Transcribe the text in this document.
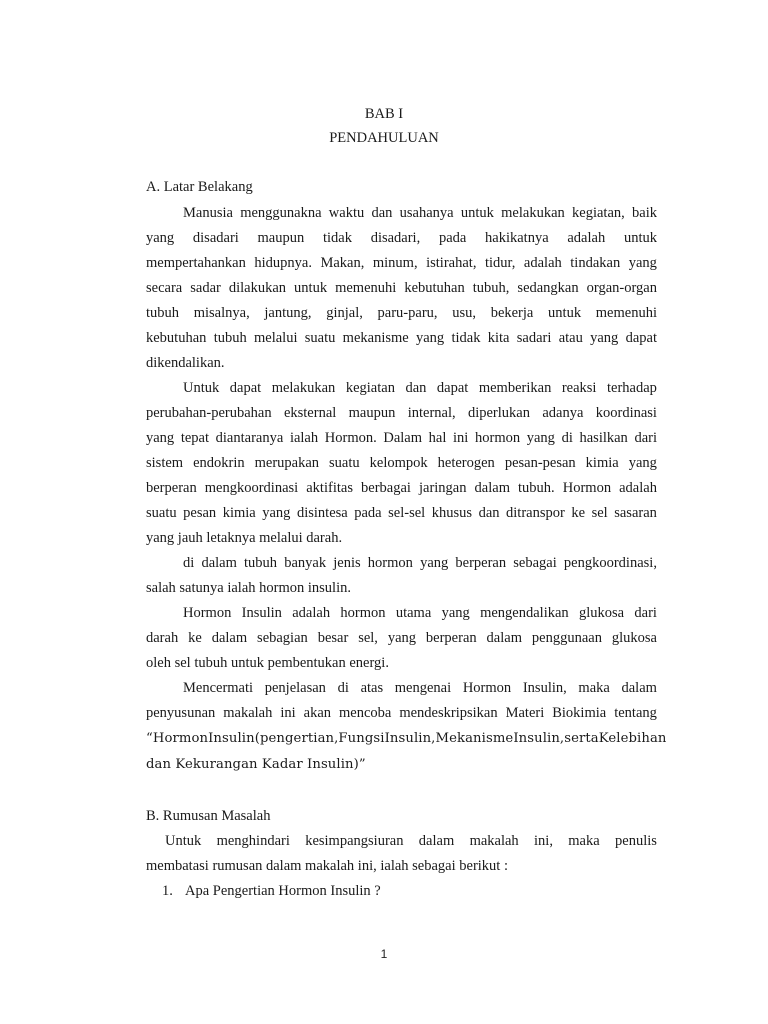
BAB I
PENDAHULUAN
A. Latar Belakang
Manusia menggunakna waktu dan usahanya untuk melakukan kegiatan, baik
yang disadari maupun tidak disadari, pada hakikatnya adalah untuk
mempertahankan hidupnya. Makan, minum, istirahat, tidur, adalah tindakan yang
secara sadar dilakukan untuk memenuhi kebutuhan tubuh, sedangkan organ-organ
tubuh misalnya, jantung, ginjal, paru-paru, usu, bekerja untuk memenuhi
kebutuhan tubuh melalui suatu mekanisme yang tidak kita sadari atau yang dapat
dikendalikan.
Untuk dapat melakukan kegiatan dan dapat memberikan reaksi terhadap
perubahan-perubahan eksternal maupun internal, diperlukan adanya koordinasi
yang tepat diantaranya ialah Hormon. Dalam hal ini hormon yang di hasilkan dari
sistem endokrin merupakan suatu kelompok heterogen pesan-pesan kimia yang
berperan mengkoordinasi aktifitas berbagai jaringan dalam tubuh. Hormon adalah
suatu pesan kimia yang disintesa pada sel-sel khusus dan ditranspor ke sel sasaran
yang jauh letaknya melalui darah.
di dalam tubuh banyak jenis hormon yang berperan sebagai pengkoordinasi,
salah satunya ialah hormon insulin.
Hormon Insulin adalah hormon utama yang mengendalikan glukosa dari
darah ke dalam sebagian besar sel, yang berperan dalam penggunaan glukosa
oleh sel tubuh untuk pembentukan energi.
Mencermati penjelasan di atas mengenai Hormon Insulin, maka dalam
penyusunan makalah ini akan mencoba mendeskripsikan Materi Biokimia tentang
“Hormon Insulin (pengertian, Fungsi Insulin, Mekanisme Insulin, serta Kelebihan
dan Kekurangan Kadar Insulin)”
B. Rumusan Masalah
Untuk menghindari kesimpangsiuran dalam makalah ini, maka penulis
membatasi rumusan dalam makalah ini, ialah sebagai berikut :
1. Apa Pengertian Hormon Insulin ?
1
